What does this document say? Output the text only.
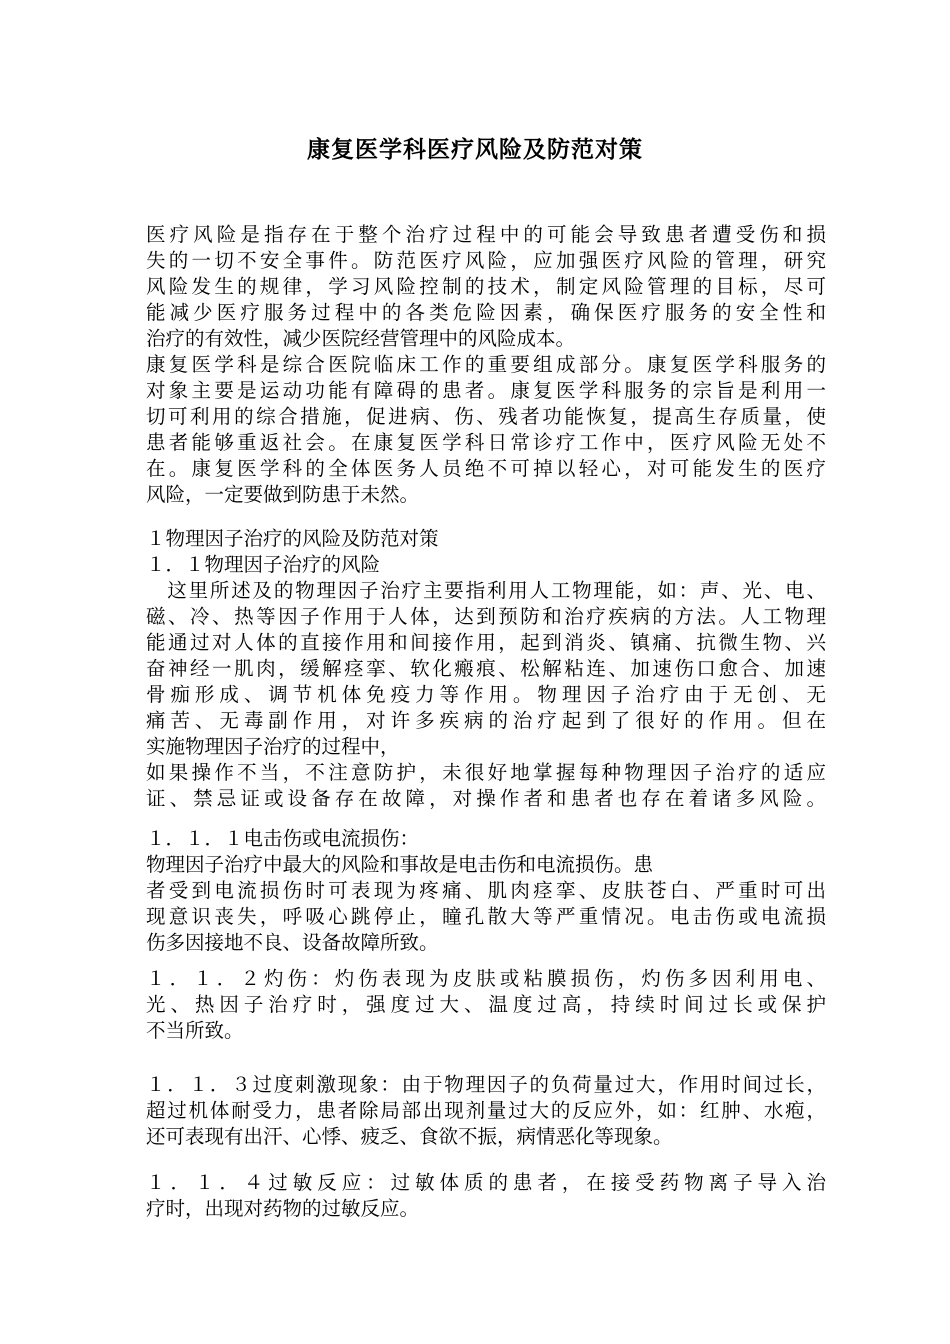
康复医学科医疗风险及防范对策
医疗风险是指存在于整个治疗过程中的可能会导致患者遭受伤和损
失的一切不安全事件。防范医疗风险，应加强医疗风险的管理，研究
风险发生的规律，学习风险控制的技术，制定风险管理的目标，尽可
能减少医疗服务过程中的各类危险因素，确保医疗服务的安全性和
治疗的有效性，减少医院经营管理中的风险成本。
康复医学科是综合医院临床工作的重要组成部分。康复医学科服务的
对象主要是运动功能有障碍的患者。康复医学科服务的宗旨是利用一
切可利用的综合措施，促进病、伤、残者功能恢复，提高生存质量，使
患者能够重返社会。在康复医学科日常诊疗工作中，医疗风险无处不
在。康复医学科的全体医务人员绝不可掉以轻心，对可能发生的医疗
风险，一定要做到防患于未然。
１物理因子治疗的风险及防范对策
１．１物理因子治疗的风险
　这里所述及的物理因子治疗主要指利用人工物理能，如：声、光、电、
磁、冷、热等因子作用于人体，达到预防和治疗疾病的方法。人工物理
能通过对人体的直接作用和间接作用，起到消炎、镇痛、抗微生物、兴
奋神经一肌肉，缓解痉挛、软化瘢痕、松解粘连、加速伤口愈合、加速
骨痂形成、调节机体免疫力等作用。物理因子治疗由于无创、无
痛苦、无毒副作用，对许多疾病的治疗起到了很好的作用。但在
实施物理因子治疗的过程中，
如果操作不当，不注意防护，未很好地掌握每种物理因子治疗的适应
证、禁忌证或设备存在故障，对操作者和患者也存在着诸多风险。
１．１．１电击伤或电流损伤：
物理因子治疗中最大的风险和事故是电击伤和电流损伤。患
者受到电流损伤时可表现为疼痛、肌肉痉挛、皮肤苍白、严重时可出
现意识丧失，呼吸心跳停止，瞳孔散大等严重情况。电击伤或电流损
伤多因接地不良、设备故障所致。
１．１．２灼伤：灼伤表现为皮肤或粘膜损伤，灼伤多因利用电、
光、热因子治疗时，强度过大、温度过高，持续时间过长或保护
不当所致。
１．１．３过度刺激现象：由于物理因子的负荷量过大，作用时间过长，
超过机体耐受力，患者除局部出现剂量过大的反应外，如：红肿、水疱，
还可表现有出汗、心悸、疲乏、食欲不振，病情恶化等现象。
１．１．４过敏反应：过敏体质的患者，在接受药物离子导入治
疗时，出现对药物的过敏反应。
